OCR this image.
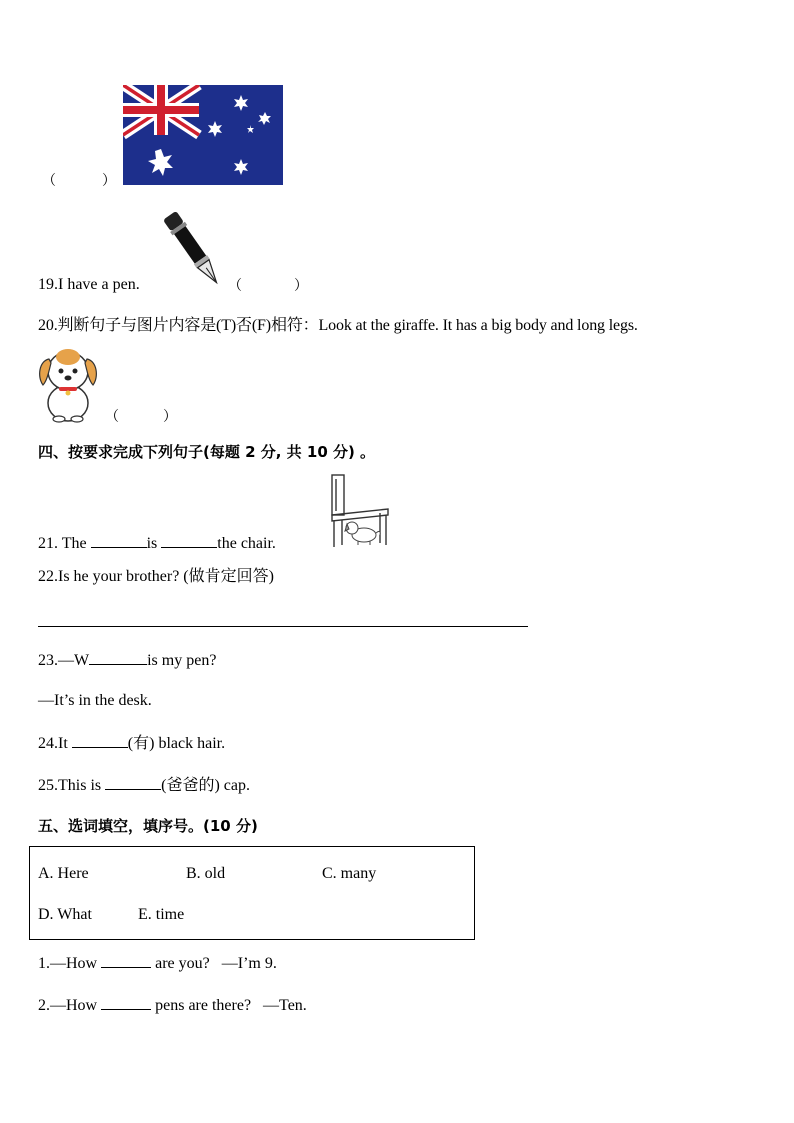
（	）
19.I have a pen.	（	）
20.判断句子与图片内容是(T)否(F)相符：Look at the giraffe. It has a big body and long legs.
（	）
四、按要求完成下列句子(每题 2 分, 共 10 分) 。
21. The	is	the chair.
22.Is he your brother? (做肯定回答)
23.—W	is my pen?
—It’s in the desk.
24.It	(有) black hair.
25.This is	(爸爸的) cap.
五、选词填空，填序号。(10 分)
A. Here	B. old	C. many
D. What	E. time
1.—How	are you?   —I’m 9.
2.—How	pens are there?   —Ten.
